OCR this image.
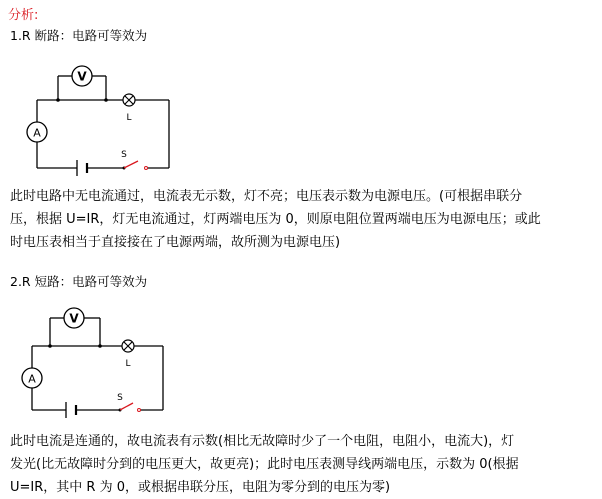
分析:
1.R 断路：电路可等效为
V
A
L
S
此时电路中无电流通过，电流表无示数，灯不亮；电压表示数为电源电压。(可根据串联分
压，根据 U=IR，灯无电流通过，灯两端电压为 0，则原电阻位置两端电压为电源电压；或此
时电压表相当于直接接在了电源两端，故所测为电源电压)
2.R 短路：电路可等效为
V
A
L
S
此时电流是连通的，故电流表有示数(相比无故障时少了一个电阻，电阻小，电流大)，灯
发光(比无故障时分到的电压更大，故更亮)；此时电压表测导线两端电压，示数为 0(根据
U=IR，其中 R 为 0，或根据串联分压，电阻为零分到的电压为零)
